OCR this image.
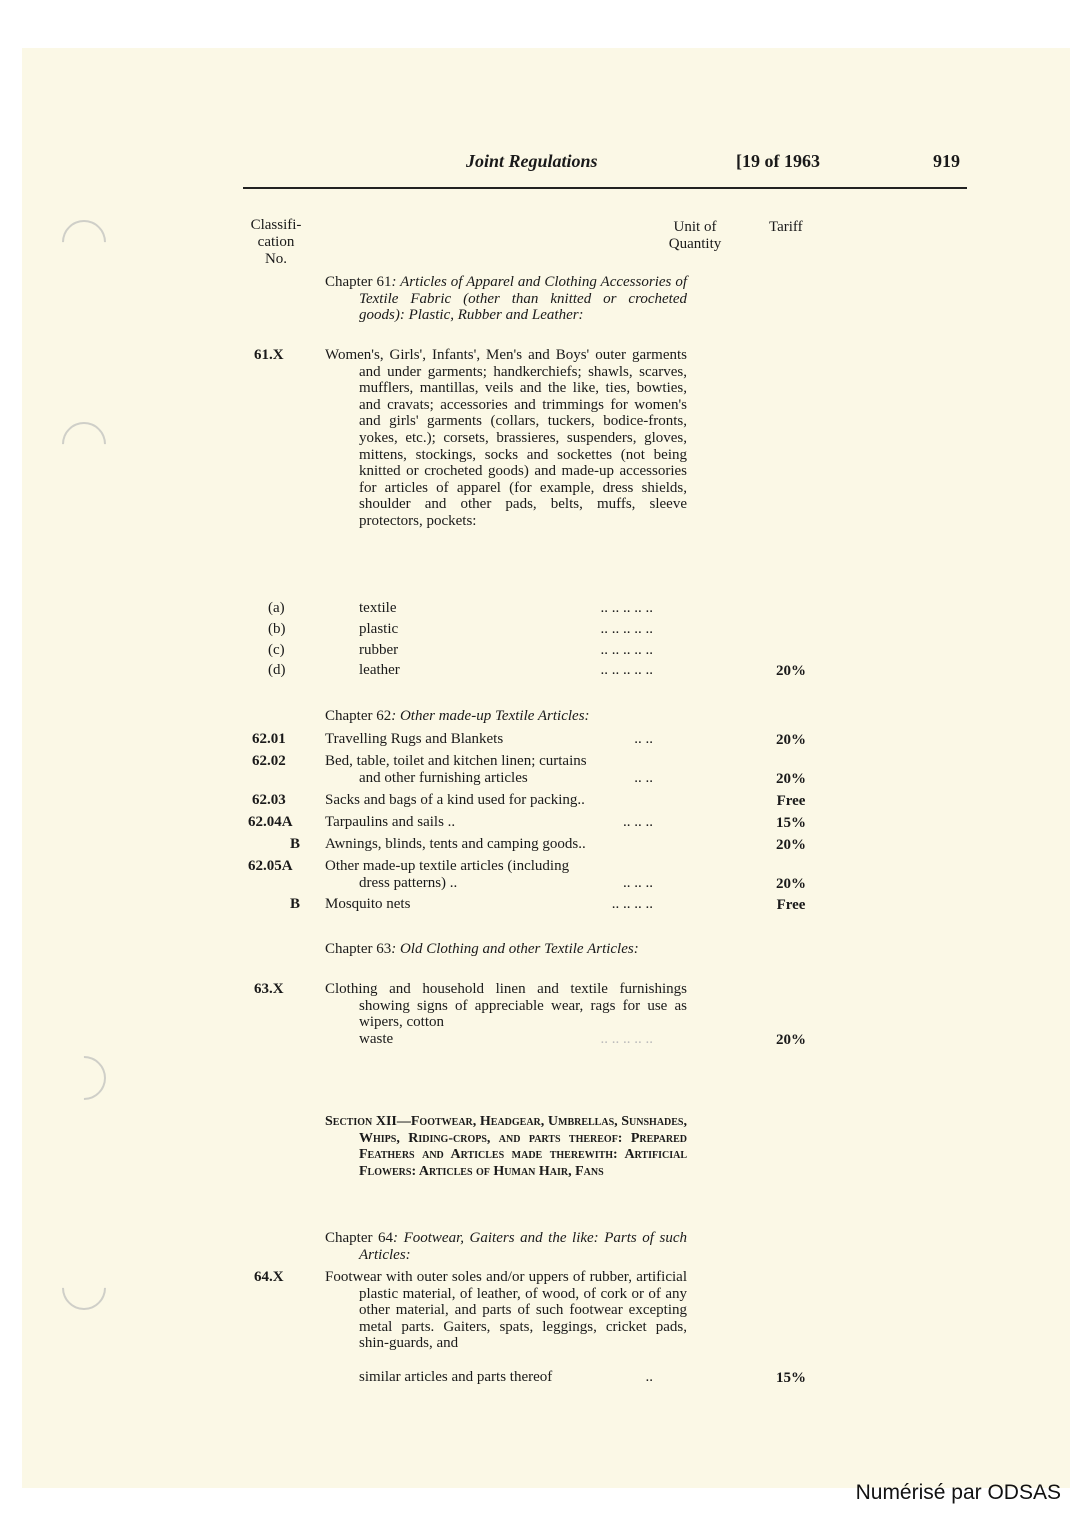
Joint Regulations	[19 of 1963	919
Classifi-
cation
No.
Unit of
Quantity
Tariff
Chapter 61: Articles of Apparel and Clothing Accessories of Textile Fabric (other than knitted or crocheted goods): Plastic, Rubber and Leather:
61.X	Women's, Girls', Infants', Men's and Boys' outer garments and under garments; handkerchiefs; shawls, scarves, mufflers, mantillas, veils and the like, ties, bowties, and cravats; accessories and trimmings for women's and girls' garments (collars, tuckers, bodice-fronts, yokes, etc.); corsets, brassieres, suspenders, gloves, mittens, stockings, socks and sockettes (not being knitted or crocheted goods) and made-up accessories for articles of apparel (for example, dress shields, shoulder and other pads, belts, muffs, sleeve protectors, pockets:
(a)	textile	.. .. .. .. ..
(b)	plastic	.. .. .. .. ..
(c)	rubber	.. .. .. .. ..
(d)	leather	.. .. .. .. ..	20%
Chapter 62: Other made-up Textile Articles:
62.01	Travelling Rugs and Blankets	.. ..	20%
62.02	Bed, table, toilet and kitchen linen; curtains
and other furnishing articles	.. ..	20%
62.03	Sacks and bags of a kind used for packing..	Free
62.04A Tarpaulins and sails ..	.. .. ..	15%
B Awnings, blinds, tents and camping goods..	20%
62.05A Other made-up textile articles (including
dress patterns) ..	.. .. ..	20%
B Mosquito nets	.. .. .. ..	Free
Chapter 63: Old Clothing and other Textile Articles:
63.X	Clothing and household linen and textile furnishings showing signs of appreciable wear, rags for use as wipers, cotton
waste	.. .. .. .. ..	20%
Section XII—Footwear, Headgear, Umbrellas, Sunshades, Whips, Riding-crops, and parts thereof: Prepared Feathers and Articles made therewith: Artificial Flowers: Articles of Human Hair, Fans
Chapter 64: Footwear, Gaiters and the like: Parts of such Articles:
64.X	Footwear with outer soles and/or uppers of rubber, artificial plastic material, of leather, of wood, of cork or of any other material, and parts of such footwear excepting metal parts. Gaiters, spats, leggings, cricket pads, shin-guards, and
similar articles and parts thereof	..	15%
Numérisé par ODSAS
